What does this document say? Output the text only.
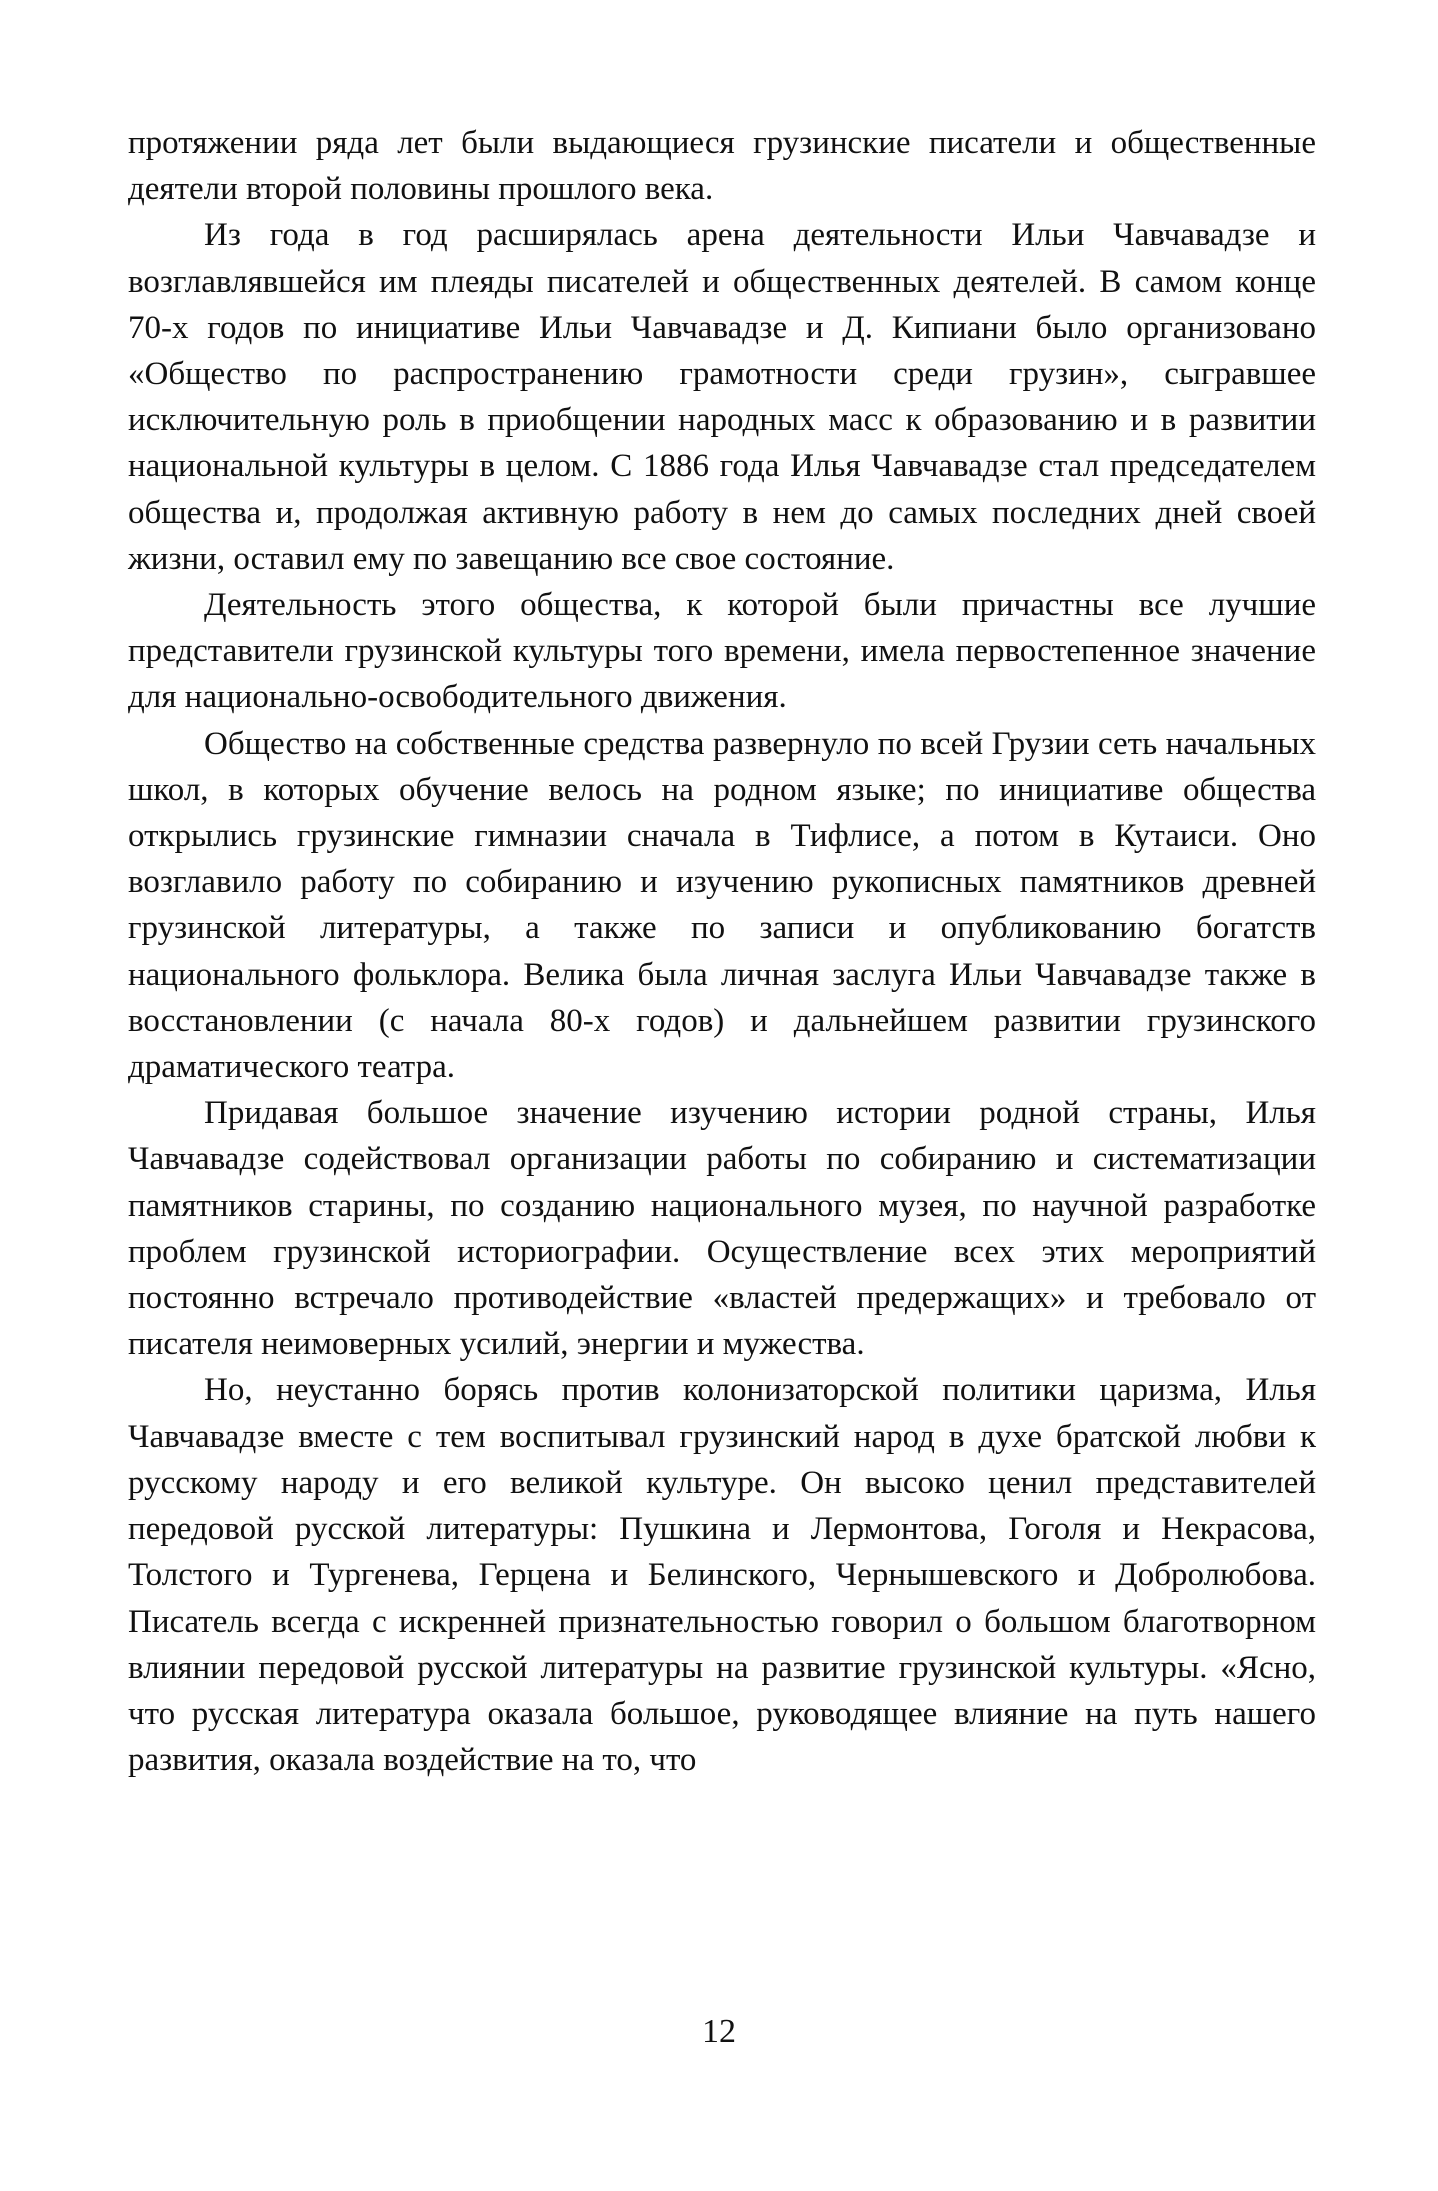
протяжении ряда лет были выдающиеся грузинские писатели и общественные деятели второй половины прошлого века.

Из года в год расширялась арена деятельности Ильи Чавчавадзе и возглавлявшейся им плеяды писателей и общественных деятелей. В самом конце 70-х годов по инициативе Ильи Чавчавадзе и Д. Кипиани было организовано «Общество по распространению грамотности среди грузин», сыгравшее исключительную роль в приобщении народных масс к образованию и в развитии национальной культуры в целом. С 1886 года Илья Чавчавадзе стал председателем общества и, продолжая активную работу в нем до самых последних дней своей жизни, оставил ему по завещанию все свое состояние.

Деятельность этого общества, к которой были причастны все лучшие представители грузинской культуры того времени, имела первостепенное значение для национально-освободительного движения.

Общество на собственные средства развернуло по всей Грузии сеть начальных школ, в которых обучение велось на родном языке; по инициативе общества открылись грузинские гимназии сначала в Тифлисе, а потом в Кутаиси. Оно возглавило работу по собиранию и изучению рукописных памятников древней грузинской литературы, а также по записи и опубликованию богатств национального фольклора. Велика была личная заслуга Ильи Чавчавадзе также в восстановлении (с начала 80-х годов) и дальнейшем развитии грузинского драматического театра.

Придавая большое значение изучению истории родной страны, Илья Чавчавадзе содействовал организации работы по собиранию и систематизации памятников старины, по созданию национального музея, по научной разработке проблем грузинской историографии. Осуществление всех этих мероприятий постоянно встречало противодействие «властей предержащих» и требовало от писателя неимоверных усилий, энергии и мужества.

Но, неустанно борясь против колонизаторской политики царизма, Илья Чавчавадзе вместе с тем воспитывал грузинский народ в духе братской любви к русскому народу и его великой культуре. Он высоко ценил представителей передовой русской литературы: Пушкина и Лермонтова, Гоголя и Некрасова, Толстого и Тургенева, Герцена и Белинского, Чернышевского и Добролюбова. Писатель всегда с искренней признательностью говорил о большом благотворном влиянии передовой русской литературы на развитие грузинской культуры. «Ясно, что русская литература оказала большое, руководящее влияние на путь нашего развития, оказала воздействие на то, что

12
